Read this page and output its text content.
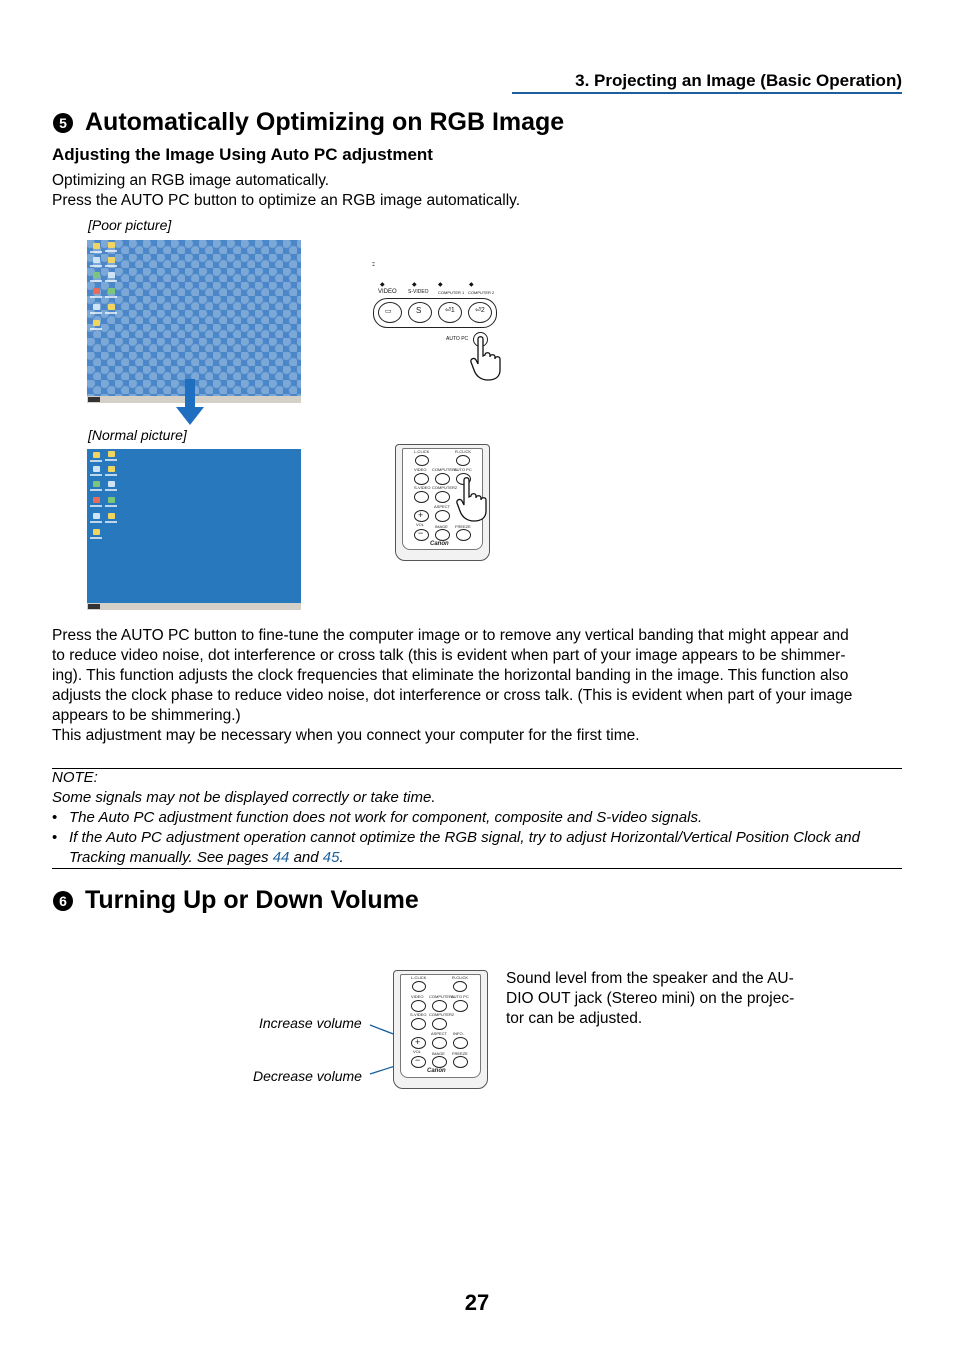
3. Projecting an Image (Basic Operation)
5 Automatically Optimizing on RGB Image
Adjusting the Image Using Auto PC adjustment
Optimizing an RGB image automatically.
Press the AUTO PC button to optimize an RGB image automatically.
[Poor picture]
[Normal picture]
⌶
◆	◆	◆	◆
VIDEO S-VIDEO COMPUTER 1 COMPUTER 2
▭	S	⏎1	⏎2
AUTO PC
L-CLICK	R-CLICK
VIDEO COMPUTER1
AUTO PC
S-VIDEO COMPUTER2
ASPECT
+
VOL	IMAGE FREEZE
−
Canon
Press the AUTO PC button to fine-tune the computer image or to remove any vertical banding that might appear and
to reduce video noise, dot interference or cross talk (this is evident when part of your image appears to be shimmer-
ing). This function adjusts the clock frequencies that eliminate the horizontal banding in the image. This function also
adjusts the clock phase to reduce video noise, dot interference or cross talk. (This is evident when part of your image
appears to be shimmering.)
This adjustment may be necessary when you connect your computer for the first time.
NOTE:
Some signals may not be displayed correctly or take time.
• The Auto PC adjustment function does not work for component, composite and S-video signals.
• If the Auto PC adjustment operation cannot optimize the RGB signal, try to adjust Horizontal/Vertical Position Clock and
Tracking manually. See pages 44 and 45.
6 Turning Up or Down Volume
Increase volume
Decrease volume
L-CLICK	R-CLICK
VIDEO COMPUTER1
AUTO PC
S-VIDEO COMPUTER2
ASPECT INFO.
+
VOL	IMAGE FREEZE
−
Canon
Sound level from the speaker and the AU-
DIO OUT jack (Stereo mini) on the projec-
tor can be adjusted.
27
